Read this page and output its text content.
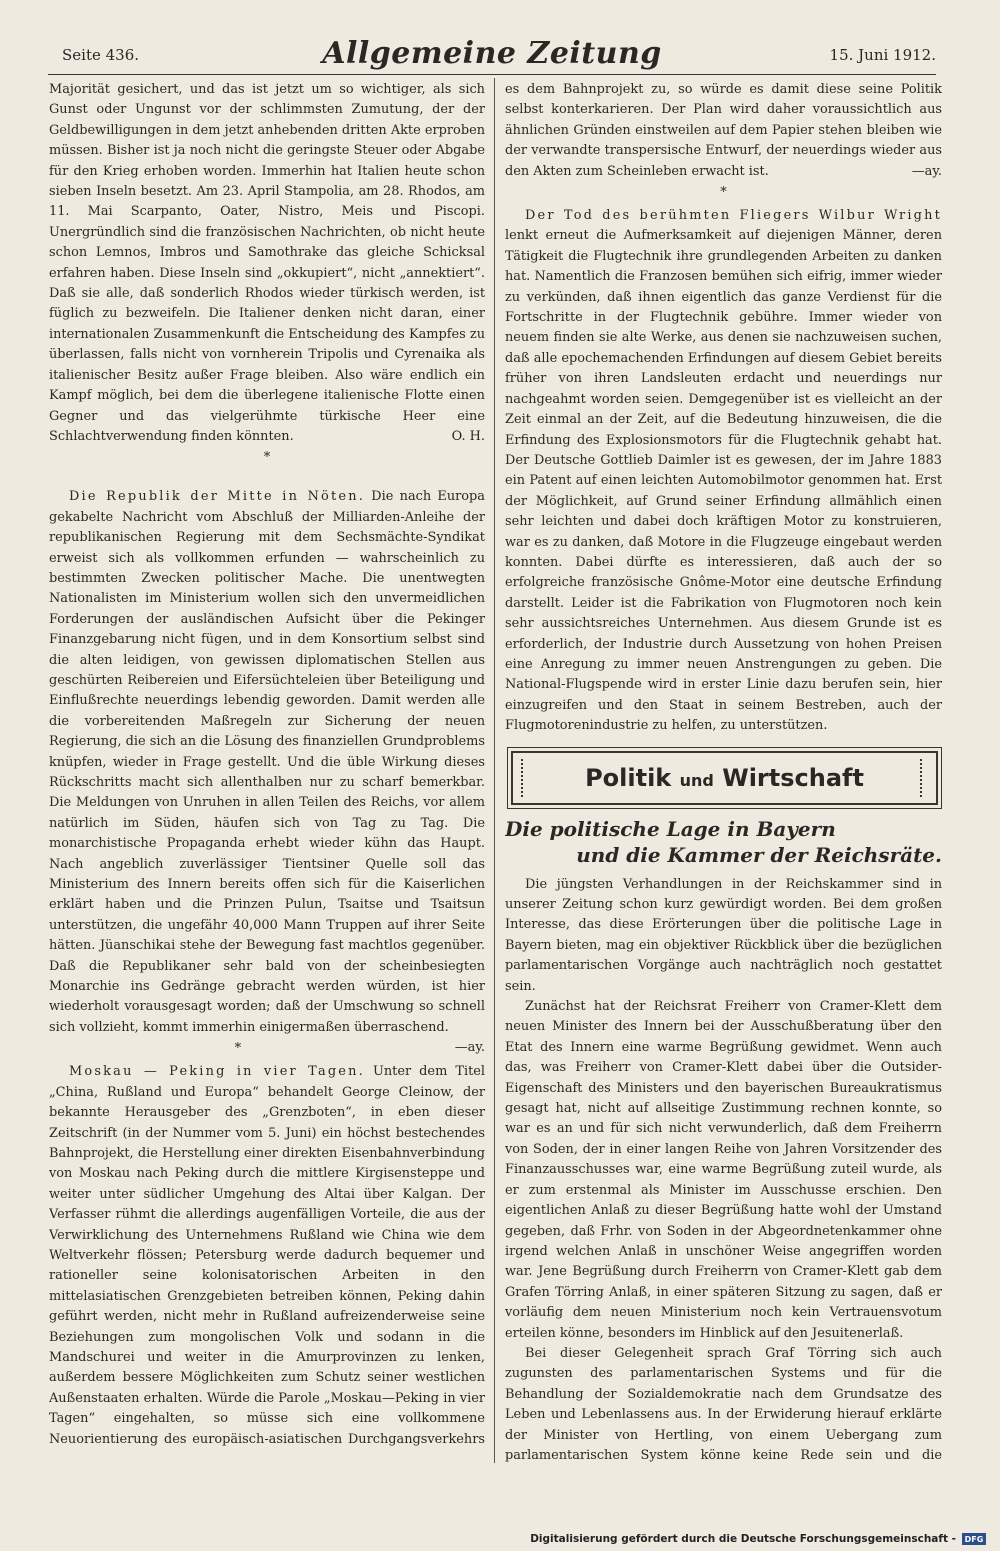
Seite 436.	Allgemeine Zeitung	15. Juni 1912.

Majorität gesichert, und das ist jetzt um so wichtiger, als sich Gunst oder Ungunst vor der schlimmsten Zumutung, der der Geldbewilligungen in dem jetzt anhebenden dritten Akte erproben müssen. Bisher ist ja noch nicht die geringste Steuer oder Abgabe für den Krieg erhoben worden. Immerhin hat Italien heute schon sieben Inseln besetzt. Am 23. April Stampolia, am 28. Rhodos, am 11. Mai Scarpanto, Oater, Nistro, Meis und Piscopi. Unergründlich sind die französischen Nachrichten, ob nicht heute schon Lemnos, Imbros und Samothrake das gleiche Schicksal erfahren haben. Diese Inseln sind „okkupiert“, nicht „annektiert“. Daß sie alle, daß sonderlich Rhodos wieder türkisch werden, ist füglich zu bezweifeln. Die Italiener denken nicht daran, einer internationalen Zusammenkunft die Entscheidung des Kampfes zu überlassen, falls nicht von vornherein Tripolis und Cyrenaika als italienischer Besitz außer Frage bleiben. Also wäre endlich ein Kampf möglich, bei dem die überlegene italienische Flotte einen Gegner und das vielgerühmte türkische Heer eine Schlachtverwendung finden könnten.	O. H.

*

Die Republik der Mitte in Nöten. Die nach Europa gekabelte Nachricht vom Abschluß der Milliarden-Anleihe der republikanischen Regierung mit dem Sechsmächte-Syndikat erweist sich als vollkommen erfunden — wahrscheinlich zu bestimmten Zwecken politischer Mache. Die unentwegten Nationalisten im Ministerium wollen sich den unvermeidlichen Forderungen der ausländischen Aufsicht über die Pekinger Finanzgebarung nicht fügen, und in dem Konsortium selbst sind die alten leidigen, von gewissen diplomatischen Stellen aus geschürten Reibereien und Eifersüchteleien über Beteiligung und Einflußrechte neuerdings lebendig geworden. Damit werden alle die vorbereitenden Maßregeln zur Sicherung der neuen Regierung, die sich an die Lösung des finanziellen Grundproblems knüpfen, wieder in Frage gestellt. Und die üble Wirkung dieses Rückschritts macht sich allenthalben nur zu scharf bemerkbar. Die Meldungen von Unruhen in allen Teilen des Reichs, vor allem natürlich im Süden, häufen sich von Tag zu Tag. Die monarchistische Propaganda erhebt wieder kühn das Haupt. Nach angeblich zuverlässiger Tientsiner Quelle soll das Ministerium des Innern bereits offen sich für die Kaiserlichen erklärt haben und die Prinzen Pulun, Tsaitse und Tsaitsun unterstützen, die ungefähr 40,000 Mann Truppen auf ihrer Seite hätten. Jüanschikai stehe der Bewegung fast machtlos gegenüber. Daß die Republikaner sehr bald von der scheinbesiegten Monarchie ins Gedränge gebracht werden würden, ist hier wiederholt vorausgesagt worden; daß der Umschwung so schnell sich vollzieht, kommt immerhin einigermaßen überraschend.
—ay.

*

Moskau — Peking in vier Tagen. Unter dem Titel „China, Rußland und Europa“ behandelt George Cleinow, der bekannte Herausgeber des „Grenzboten“, in eben dieser Zeitschrift (in der Nummer vom 5. Juni) ein höchst bestechendes Bahnprojekt, die Herstellung einer direkten Eisenbahnverbindung von Moskau nach Peking durch die mittlere Kirgisensteppe und weiter unter südlicher Umgehung des Altai über Kalgan. Der Verfasser rühmt die allerdings augenfälligen Vorteile, die aus der Verwirklichung des Unternehmens Rußland wie China wie dem Weltverkehr flössen; Petersburg werde dadurch bequemer und rationeller seine kolonisatorischen Arbeiten in den mittelasiatischen Grenzgebieten betreiben können, Peking dahin geführt werden, nicht mehr in Rußland aufreizenderweise seine Beziehungen zum mongolischen Volk und sodann in die Mandschurei und weiter in die Amurprovinzen zu lenken, außerdem bessere Möglichkeiten zum Schutz seiner westlichen Außenstaaten erhalten. Würde die Parole „Moskau—Peking in vier Tagen“ eingehalten, so müsse sich eine vollkommene Neuorientierung des europäisch-asiatischen Durchgangsverkehrs

es dem Bahnprojekt zu, so würde es damit diese seine Politik selbst konterkarieren. Der Plan wird daher voraussichtlich aus ähnlichen Gründen einstweilen auf dem Papier stehen bleiben wie der verwandte transpersische Entwurf, der neuerdings wieder aus den Akten zum Scheinleben erwacht ist.	—ay.

*

Der Tod des berühmten Fliegers Wilbur Wright lenkt erneut die Aufmerksamkeit auf diejenigen Männer, deren Tätigkeit die Flugtechnik ihre grundlegenden Arbeiten zu danken hat. Namentlich die Franzosen bemühen sich eifrig, immer wieder zu verkünden, daß ihnen eigentlich das ganze Verdienst für die Fortschritte in der Flugtechnik gebühre. Immer wieder von neuem finden sie alte Werke, aus denen sie nachzuweisen suchen, daß alle epochemachenden Erfindungen auf diesem Gebiet bereits früher von ihren Landsleuten erdacht und neuerdings nur nachgeahmt worden seien. Demgegenüber ist es vielleicht an der Zeit einmal an der Zeit, auf die Bedeutung hinzuweisen, die die Erfindung des Explosionsmotors für die Flugtechnik gehabt hat. Der Deutsche Gottlieb Daimler ist es gewesen, der im Jahre 1883 ein Patent auf einen leichten Automobilmotor genommen hat. Erst der Möglichkeit, auf Grund seiner Erfindung allmählich einen sehr leichten und dabei doch kräftigen Motor zu konstruieren, war es zu danken, daß Motore in die Flugzeuge eingebaut werden konnten. Dabei dürfte es interessieren, daß auch der so erfolgreiche französische Gnôme-Motor eine deutsche Erfindung darstellt. Leider ist die Fabrikation von Flugmotoren noch kein sehr aussichtsreiches Unternehmen. Aus diesem Grunde ist es erforderlich, der Industrie durch Aussetzung von hohen Preisen eine Anregung zu immer neuen Anstrengungen zu geben. Die National-Flugspende wird in erster Linie dazu berufen sein, hier einzugreifen und den Staat in seinem Bestreben, auch der Flugmotorenindustrie zu helfen, zu unterstützen.

Politik und Wirtschaft
Die politische Lage in Bayern
und die Kammer der Reichsräte.

Die jüngsten Verhandlungen in der Reichskammer sind in unserer Zeitung schon kurz gewürdigt worden. Bei dem großen Interesse, das diese Erörterungen über die politische Lage in Bayern bieten, mag ein objektiver Rückblick über die bezüglichen parlamentarischen Vorgänge auch nachträglich noch gestattet sein.

Zunächst hat der Reichsrat Freiherr von Cramer-Klett dem neuen Minister des Innern bei der Ausschußberatung über den Etat des Innern eine warme Begrüßung gewidmet. Wenn auch das, was Freiherr von Cramer-Klett dabei über die Outsider-Eigenschaft des Ministers und den bayerischen Bureaukratismus gesagt hat, nicht auf allseitige Zustimmung rechnen konnte, so war es an und für sich nicht verwunderlich, daß dem Freiherrn von Soden, der in einer langen Reihe von Jahren Vorsitzender des Finanzausschusses war, eine warme Begrüßung zuteil wurde, als er zum erstenmal als Minister im Ausschusse erschien. Den eigentlichen Anlaß zu dieser Begrüßung hatte wohl der Umstand gegeben, daß Frhr. von Soden in der Abgeordnetenkammer ohne irgend welchen Anlaß in unschöner Weise angegriffen worden war. Jene Begrüßung durch Freiherrn von Cramer-Klett gab dem Grafen Törring Anlaß, in einer späteren Sitzung zu sagen, daß er vorläufig dem neuen Ministerium noch kein Vertrauensvotum erteilen könne, besonders im Hinblick auf den Jesuitenerlaß.

Bei dieser Gelegenheit sprach Graf Törring sich auch zugunsten des parlamentarischen Systems und für die Behandlung der Sozialdemokratie nach dem Grundsatze des Leben und Lebenlassens aus. In der Erwiderung hierauf erklärte der Minister von Hertling, von einem Uebergang zum parlamentarischen System könne keine Rede sein und die

Digitalisierung gefördert durch die Deutsche Forschungsgemeinschaft -	DFG
